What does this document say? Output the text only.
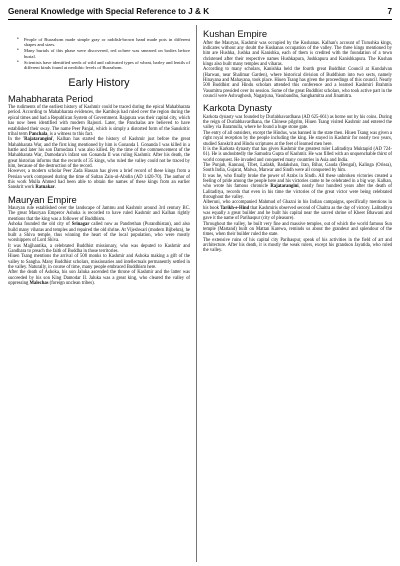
General Knowledge with Special Reference to J & K	7
• People of Burzahom made simple gray or raddish-brown hand made pots in different shapes and sizes.
• Many burials of this phase were discovered, red ochree was smeared on bodies before burial.
• Scientists have identified seeds of wild and cultivated types of wheat, barley and lentils of different kinds found at neolithic levels of Burzahom.
Early History
Mahabharata Period

The rudiments of the earliest history of Kashmir could be traced during the epical Mahabharata period. According to Mahabharata evidences, the Kambojs had ruled over the region during the epical times and had a Republican System of Government. Rajapura was their capital city, which has now been identified with modern Rajouri. Later, the Panchalas are believed to have established their sway. The name Peer Panjal, which is simply a distorted form of the Sanskritic tribal term Panchala, is a witness to this fact.

In the 'Rajatarangini', Kalhan has started the history of Kashmir just before the great Mahabharata War, and the first king mentioned by him is Gonanda I. Gonanda I was killed in a battle and later his son Damodara I was also killed. By the time of the commencement of the Mahabharata War, Damodara's infant son Gonanda II was ruling Kashmir. After his death, the great historian informs that the records of 35 kings, who ruled the valley could not be traced by him, because of the destruction of the record.

However, a modern scholar Peer Zada Hassan has given a brief record of these kings from a Persian work composed during the time of Sultan Zain-ul-Abidin (AD 1420-70). The author of this work Mulla Ahmed had been able to obtain the names of these kings from an earlier Sanskrit work Ratnakar.

Mauryan Empire

Mauryan rule established over the landscape of Jammu and Kashmir around 3rd century BC. The great Mauryan Emperor Ashoka is recorded to have ruled Kashmir and Kalhan rightly mentions that the king was a follower of Buddhism.

Ashoka founded the old city of Srinagar called now as Pandrethan (Purandhistan), and also build many viharas and temples and repaired the old shrine. At Vijeshwari (modern Bijbehra), he built a Shiva temple, thus winning the heart of the local population, who were mostly worshippers of Lord Shiva.

It was Majjhantika, a celebrated Buddhist missionary, who was deputed to Kashmir and Gandhara to preach the faith of Buddha in those territories.

Hiuen Tsang mentions the arrival of 500 monks to Kashmir and Ashoka making a gift of the valley to Sangha. Many Buddhist scholars, missionaries and intellectuals permanently settled in the valley. Naturally, in course of time, many people embraced Buddhism here.

After the death of Ashoka, his son Jaluka ascended the throne of Kashmir and the latter was succeeded by his son King Damodar II. Jaluka was a great king, who cleared the valley of oppressing Malechas (foreign unclean tribes).

Kushan Empire

After the Mauryas, Kashmir was occupied by the Kushanas. Kalhan's account of Turushka kings, indicates without any doubt the Kushanas occupation of the valley. The three kings mentioned by him are Hushka, Jushka and Kanishka, each of them is credited with the foundation of a town christened after their respective names Hushkapura, Jushkapura and Kanishkapura. The Kushan kings also built many temples and viharas.

According to many scholars, Kanishka held the fourth great Buddhist Council at Kundalvan (Harwan, near Shalimar Garden), where historical division of Buddhism into two sects, namely Hinayana and Mahayana, took place. Hiuen Tsang has given the proceedings of this council. Nearly 500 Buddhist and Hindu scholars attended this conference and a learned Kashmiri Brahmin Vasumitra presided over its session. Some of the great Buddhist scholars, who took active part in the council were Ashvaghosh, Nagarjuna, Vasubandhu, Sanghamitra and Jinamitra.

Karkota Dynasty

Karkota dynasty was founded by Durlabhavardhana (AD 625-661) as borne out by his coins. During the reign of Durlabhavardhana, the Chinese pilgrim, Hiuen Tsang visited Kashmir and entered the valley via Baramulla, where he found a huge stone gate.

The entry of all outsiders, except the Hindus, was banned in the state then. Hiuen Tsang was given a right royal reception by the people including the king. He stayed in Kashmir for nearly two years, studied Sanskrit and Hindu scriptures at the feet of learned men here.

It is the Karkota dynasty that has given Kashmir the greatest ruler Lalitaditya Muktapid (AD 724-61). He is undoubtedly the Samudra Gupta of Kashmir. He was filled with an unquenchable thirst of world conquest. He invaded and conquered many countries in Asia and India.

The Punjab, Kannauj, Tibet, Ladakh, Badakshan, Iran, Bihar, Gauda (Bengal), Kalinga (Orissa), South India, Gujarat, Malwa, Marwar and Sindh were all conquered by him.

It was he, who finally broke the power of Arabs in Sindh. All these unbroken victories created a feeling of pride among the people here and his victories came to be celebrated in a big way. Kalhan, who wrote his famous chronicle Rajatarangini, nearly four hundred years after the death of Lalitaditya, records that even in his time the victories of the great victor were being celebrated throughout the valley.

Alberuni, who accompanied Mahmud of Ghazni in his Indian campaigns, specifically mentions in his book Tarikh-e-Hind that Kashmiris observed second of Chaitra as the day of victory. Lalitaditya was equally a great builder and he built his capital near the sacred shrine of Kheer Bhawani and gave it the name of Parihaspur (city of pleasure).

Throughout the valley, he built very fine and massive temples, out of which the world famous Sun temple (Martand) built on Mattan Karewa, reminds us about the grandeur and splendour of the times, when their builder ruled the state.

The extensive ruins of his capital city Parihaspur, speak of his activities in the field of art and architecture. After his death, it is mostly the weak rulers, except his grandson Jayatida, who ruled the valley.
